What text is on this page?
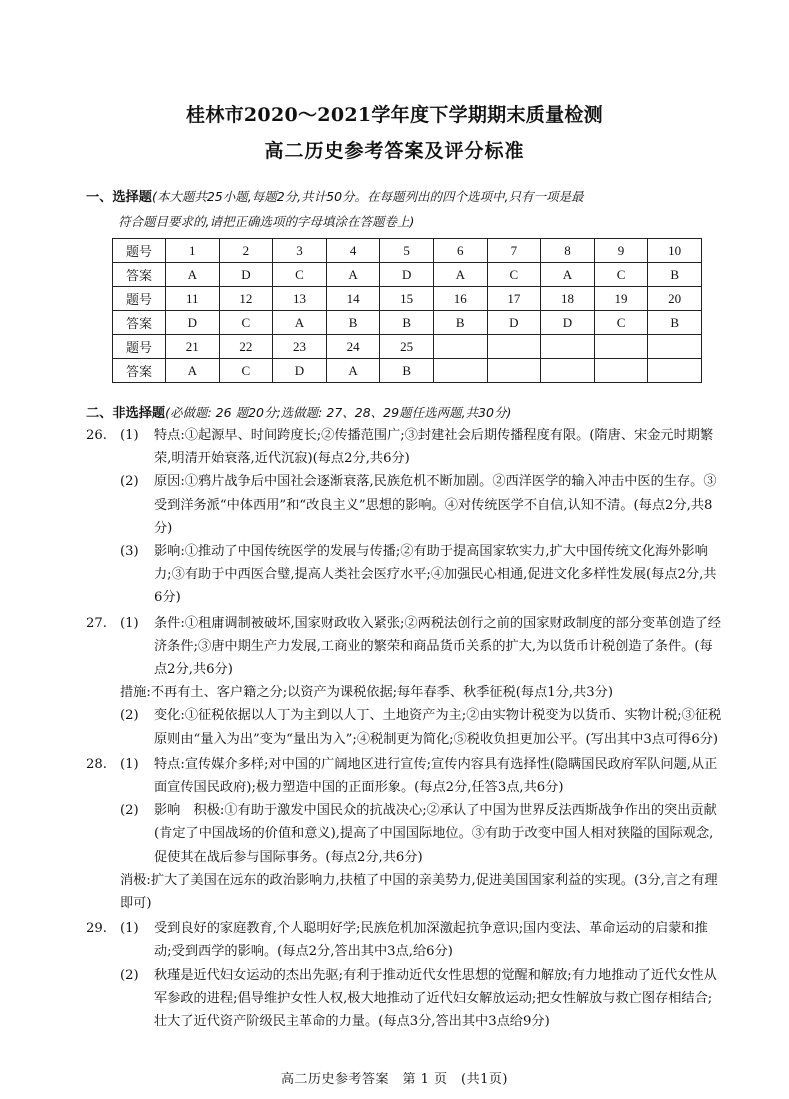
桂林市2020～2021学年度下学期期末质量检测
高二历史参考答案及评分标准
一、选择题(本大题共25小题,每题2分,共计50分。在每题列出的四个选项中,只有一项是最
符合题目要求的,请把正确选项的字母填涂在答题卷上)
题号	1	2	3	4	5	6	7	8	9	10
答案	A	D	C	A	D	A	C	A	C	B
题号	11	12	13	14	15	16	17	18	19	20
答案	D	C	A	B	B	B	D	D	C	B
题号	21	22	23	24	25					
答案	A	C	D	A	B					
二、非选择题(必做题: 26 题20分;选做题: 27、28、29题任选两题,共30分)
26. (1) 特点:①起源早、时间跨度长;②传播范围广;③封建社会后期传播程度有限。(隋唐、宋金元时期繁荣,明清开始衰落,近代沉寂)(每点2分,共6分)
(2) 原因:①鸦片战争后中国社会逐渐衰落,民族危机不断加剧。②西洋医学的输入冲击中医的生存。③受到洋务派“中体西用”和“改良主义”思想的影响。④对传统医学不自信,认知不清。(每点2分,共8分)
(3) 影响:①推动了中国传统医学的发展与传播;②有助于提高国家软实力,扩大中国传统文化海外影响力;③有助于中西医合璧,提高人类社会医疗水平;④加强民心相通,促进文化多样性发展(每点2分,共6分)
27. (1) 条件:①租庸调制被破坏,国家财政收入紧张;②两税法创行之前的国家财政制度的部分变革创造了经济条件;③唐中期生产力发展,工商业的繁荣和商品货币关系的扩大,为以货币计税创造了条件。(每点2分,共6分)
措施:不再有土、客户籍之分;以资产为课税依据;每年春季、秋季征税(每点1分,共3分)
(2) 变化:①征税依据以人丁为主到以人丁、土地资产为主;②由实物计税变为以货币、实物计税;③征税原则由“量入为出”变为“量出为入”;④税制更为简化;⑤税收负担更加公平。(写出其中3点可得6分)
28. (1) 特点:宣传媒介多样;对中国的广阔地区进行宣传;宣传内容具有选择性(隐瞒国民政府军队问题,从正面宣传国民政府);极力塑造中国的正面形象。(每点2分,任答3点,共6分)
(2) 影响　积极:①有助于激发中国民众的抗战决心;②承认了中国为世界反法西斯战争作出的突出贡献(肯定了中国战场的价值和意义),提高了中国国际地位。③有助于改变中国人相对狭隘的国际观念,促使其在战后参与国际事务。(每点2分,共6分)
消极:扩大了美国在远东的政治影响力,扶植了中国的亲美势力,促进美国国家利益的实现。(3分,言之有理即可)
29. (1) 受到良好的家庭教育,个人聪明好学;民族危机加深激起抗争意识;国内变法、革命运动的启蒙和推动;受到西学的影响。(每点2分,答出其中3点,给6分)
(2) 秋瑾是近代妇女运动的杰出先驱;有利于推动近代女性思想的觉醒和解放;有力地推动了近代女性从军参政的进程;倡导维护女性人权,极大地推动了近代妇女解放运动;把女性解放与救亡图存相结合;壮大了近代资产阶级民主革命的力量。(每点3分,答出其中3点给9分)
高二历史参考答案　第 1 页　(共1页)
